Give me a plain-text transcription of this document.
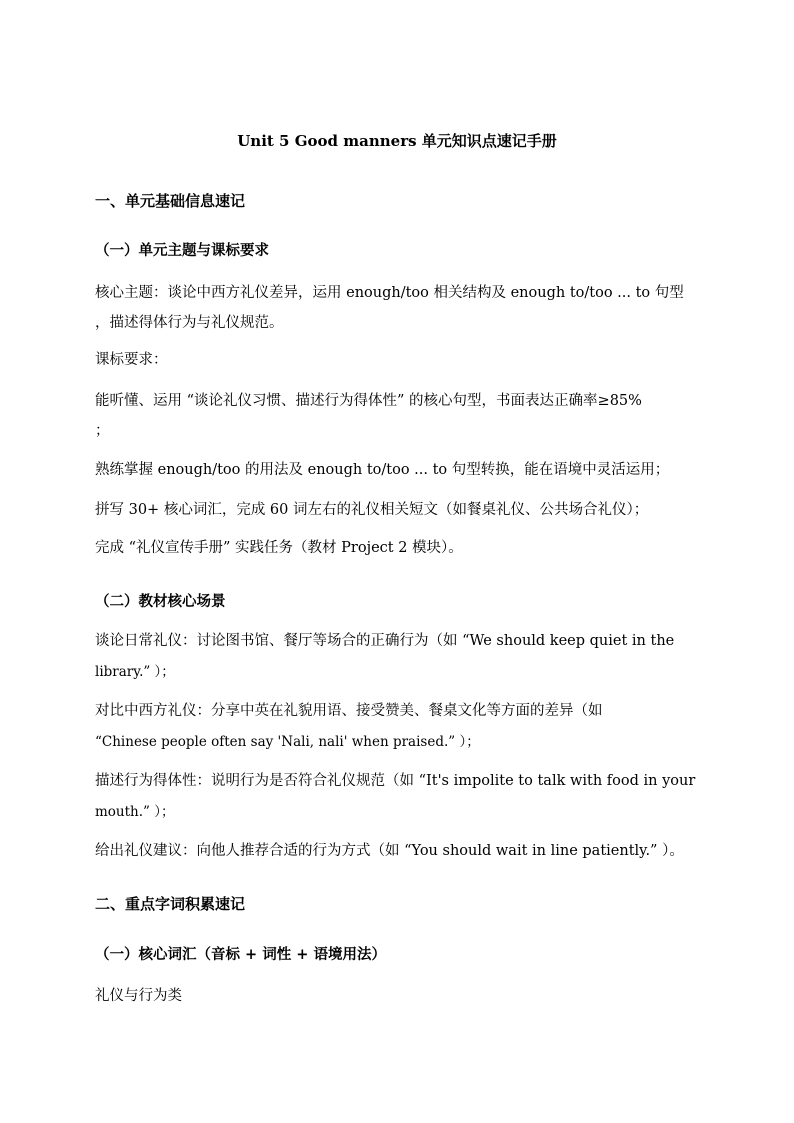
Unit 5 Good manners 单元知识点速记手册
一、单元基础信息速记
（一）单元主题与课标要求
核心主题：谈论中西方礼仪差异，运用 enough/too 相关结构及 enough to/too ... to 句型
，描述得体行为与礼仪规范。
课标要求：
能听懂、运用 “谈论礼仪习惯、描述行为得体性” 的核心句型，书面表达正确率≥85%
；
熟练掌握 enough/too 的用法及 enough to/too ... to 句型转换，能在语境中灵活运用；
拼写 30+ 核心词汇，完成 60 词左右的礼仪相关短文（如餐桌礼仪、公共场合礼仪）；
完成 “礼仪宣传手册” 实践任务（教材 Project 2 模块）。
（二）教材核心场景
谈论日常礼仪：讨论图书馆、餐厅等场合的正确行为（如 “We should keep quiet in the
library.” ）；
对比中西方礼仪：分享中英在礼貌用语、接受赞美、餐桌文化等方面的差异（如
“Chinese people often say 'Nali, nali' when praised.” ）；
描述行为得体性：说明行为是否符合礼仪规范（如 “It's impolite to talk with food in your
mouth.” ）；
给出礼仪建议：向他人推荐合适的行为方式（如 “You should wait in line patiently.” ）。
二、重点字词积累速记
（一）核心词汇（音标 + 词性 + 语境用法）
礼仪与行为类
